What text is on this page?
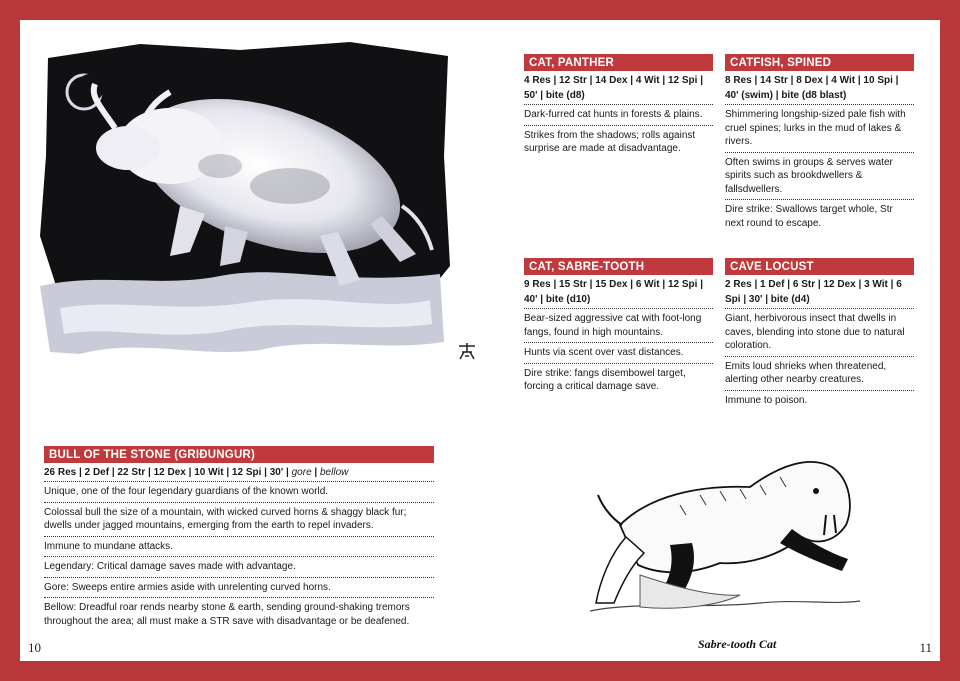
CAT, PANTHER
4 Res | 12 Str | 14 Dex | 4 Wit | 12 Spi | 50' | bite (d8)
Dark-furred cat hunts in forests & plains.
Strikes from the shadows; rolls against surprise are made at disadvantage.
CATFISH, SPINED
8 Res | 14 Str | 8 Dex | 4 Wit | 10 Spi | 40' (swim) | bite (d8 blast)
Shimmering longship-sized pale fish with cruel spines; lurks in the mud of lakes & rivers.
Often swims in groups & serves water spirits such as brookdwellers & fallsdwellers.
Dire strike: Swallows target whole, Str next round to escape.
CAT, SABRE-TOOTH
9 Res | 15 Str | 15 Dex | 6 Wit | 12 Spi | 40' | bite (d10)
Bear-sized aggressive cat with foot-long fangs, found in high mountains.
Hunts via scent over vast distances.
Dire strike: fangs disembowel target, forcing a critical damage save.
CAVE LOCUST
2 Res | 1 Def | 6 Str | 12 Dex | 3 Wit | 6 Spi | 30' | bite (d4)
Giant, herbivorous insect that dwells in caves, blending into stone due to natural coloration.
Emits loud shrieks when threatened, alerting other nearby creatures.
Immune to poison.
BULL OF THE STONE (GRIÐUNGUR)
26 Res | 2 Def | 22 Str | 12 Dex | 10 Wit | 12 Spi | 30' | gore | bellow
Unique, one of the four legendary guardians of the known world.
Colossal bull the size of a mountain, with wicked curved horns & shaggy black fur; dwells under jagged mountains, emerging from the earth to repel invaders.
Immune to mundane attacks.
Legendary: Critical damage saves made with advantage.
Gore: Sweeps entire armies aside with unrelenting curved horns.
Bellow: Dreadful roar rends nearby stone & earth, sending ground-shaking tremors throughout the area; all must make a STR save with disadvantage or be deafened.
Sabre-tooth Cat
10	11
